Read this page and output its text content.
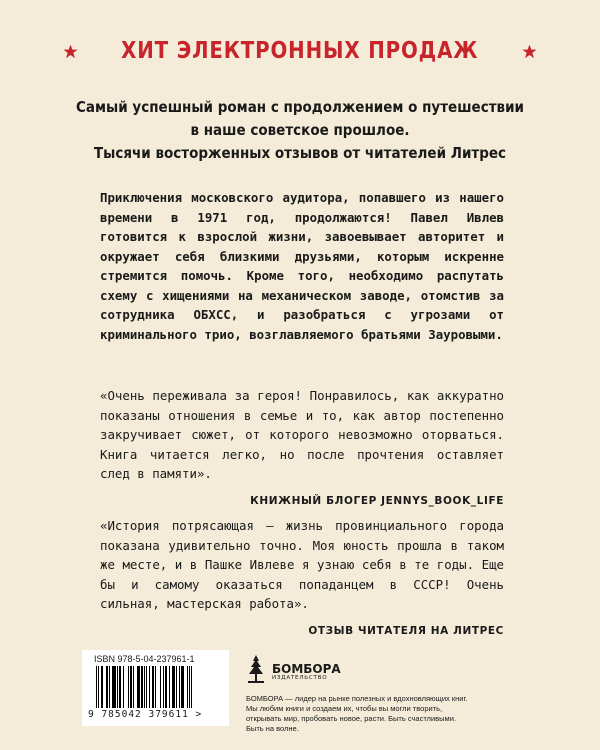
ХИТ ЭЛЕКТРОННЫХ ПРОДАЖ
Самый успешный роман с продолжением о путешествии
в наше советское прошлое.
Тысячи восторженных отзывов от читателей Литрес

Приключения московского аудитора, попавшего из нашего времени в 1971 год, продолжаются! Павел Ивлев готовится к взрослой жизни, завоевывает авторитет и окружает себя близкими друзьями, которым искренне стремится помочь. Кроме того, необходимо распутать схему с хищениями на механическом заводе, отомстив за сотрудника ОБХСС, и разобраться с угрозами от криминального трио, возглавляемого братьями Зауровыми.

«Очень переживала за героя! Понравилось, как аккуратно показаны отношения в семье и то, как автор постепенно закручивает сюжет, от которого невозможно оторваться. Книга читается легко, но после прочтения оставляет след в памяти».

КНИЖНЫЙ БЛОГЕР JENNYS_BOOK_LIFE

«История потрясающая — жизнь провинциального города показана удивительно точно. Моя юность прошла в таком же месте, и в Пашке Ивлеве я узнаю себя в те годы. Еще бы и самому оказаться попаданцем в СССР! Очень сильная, мастерская работа».

ОТЗЫВ ЧИТАТЕЛЯ НА ЛИТРЕС
ISBN 978-5-04-237961-1
9 785042 379611 >
БОМБОРА
ИЗДАТЕЛЬСТВО
БОМБОРА — лидер на рынке полезных и вдохновляющих книг. Мы любим книги и создаем их, чтобы вы могли творить, открывать мир, пробовать новое, расти. Быть счастливыми. Быть на волне.
